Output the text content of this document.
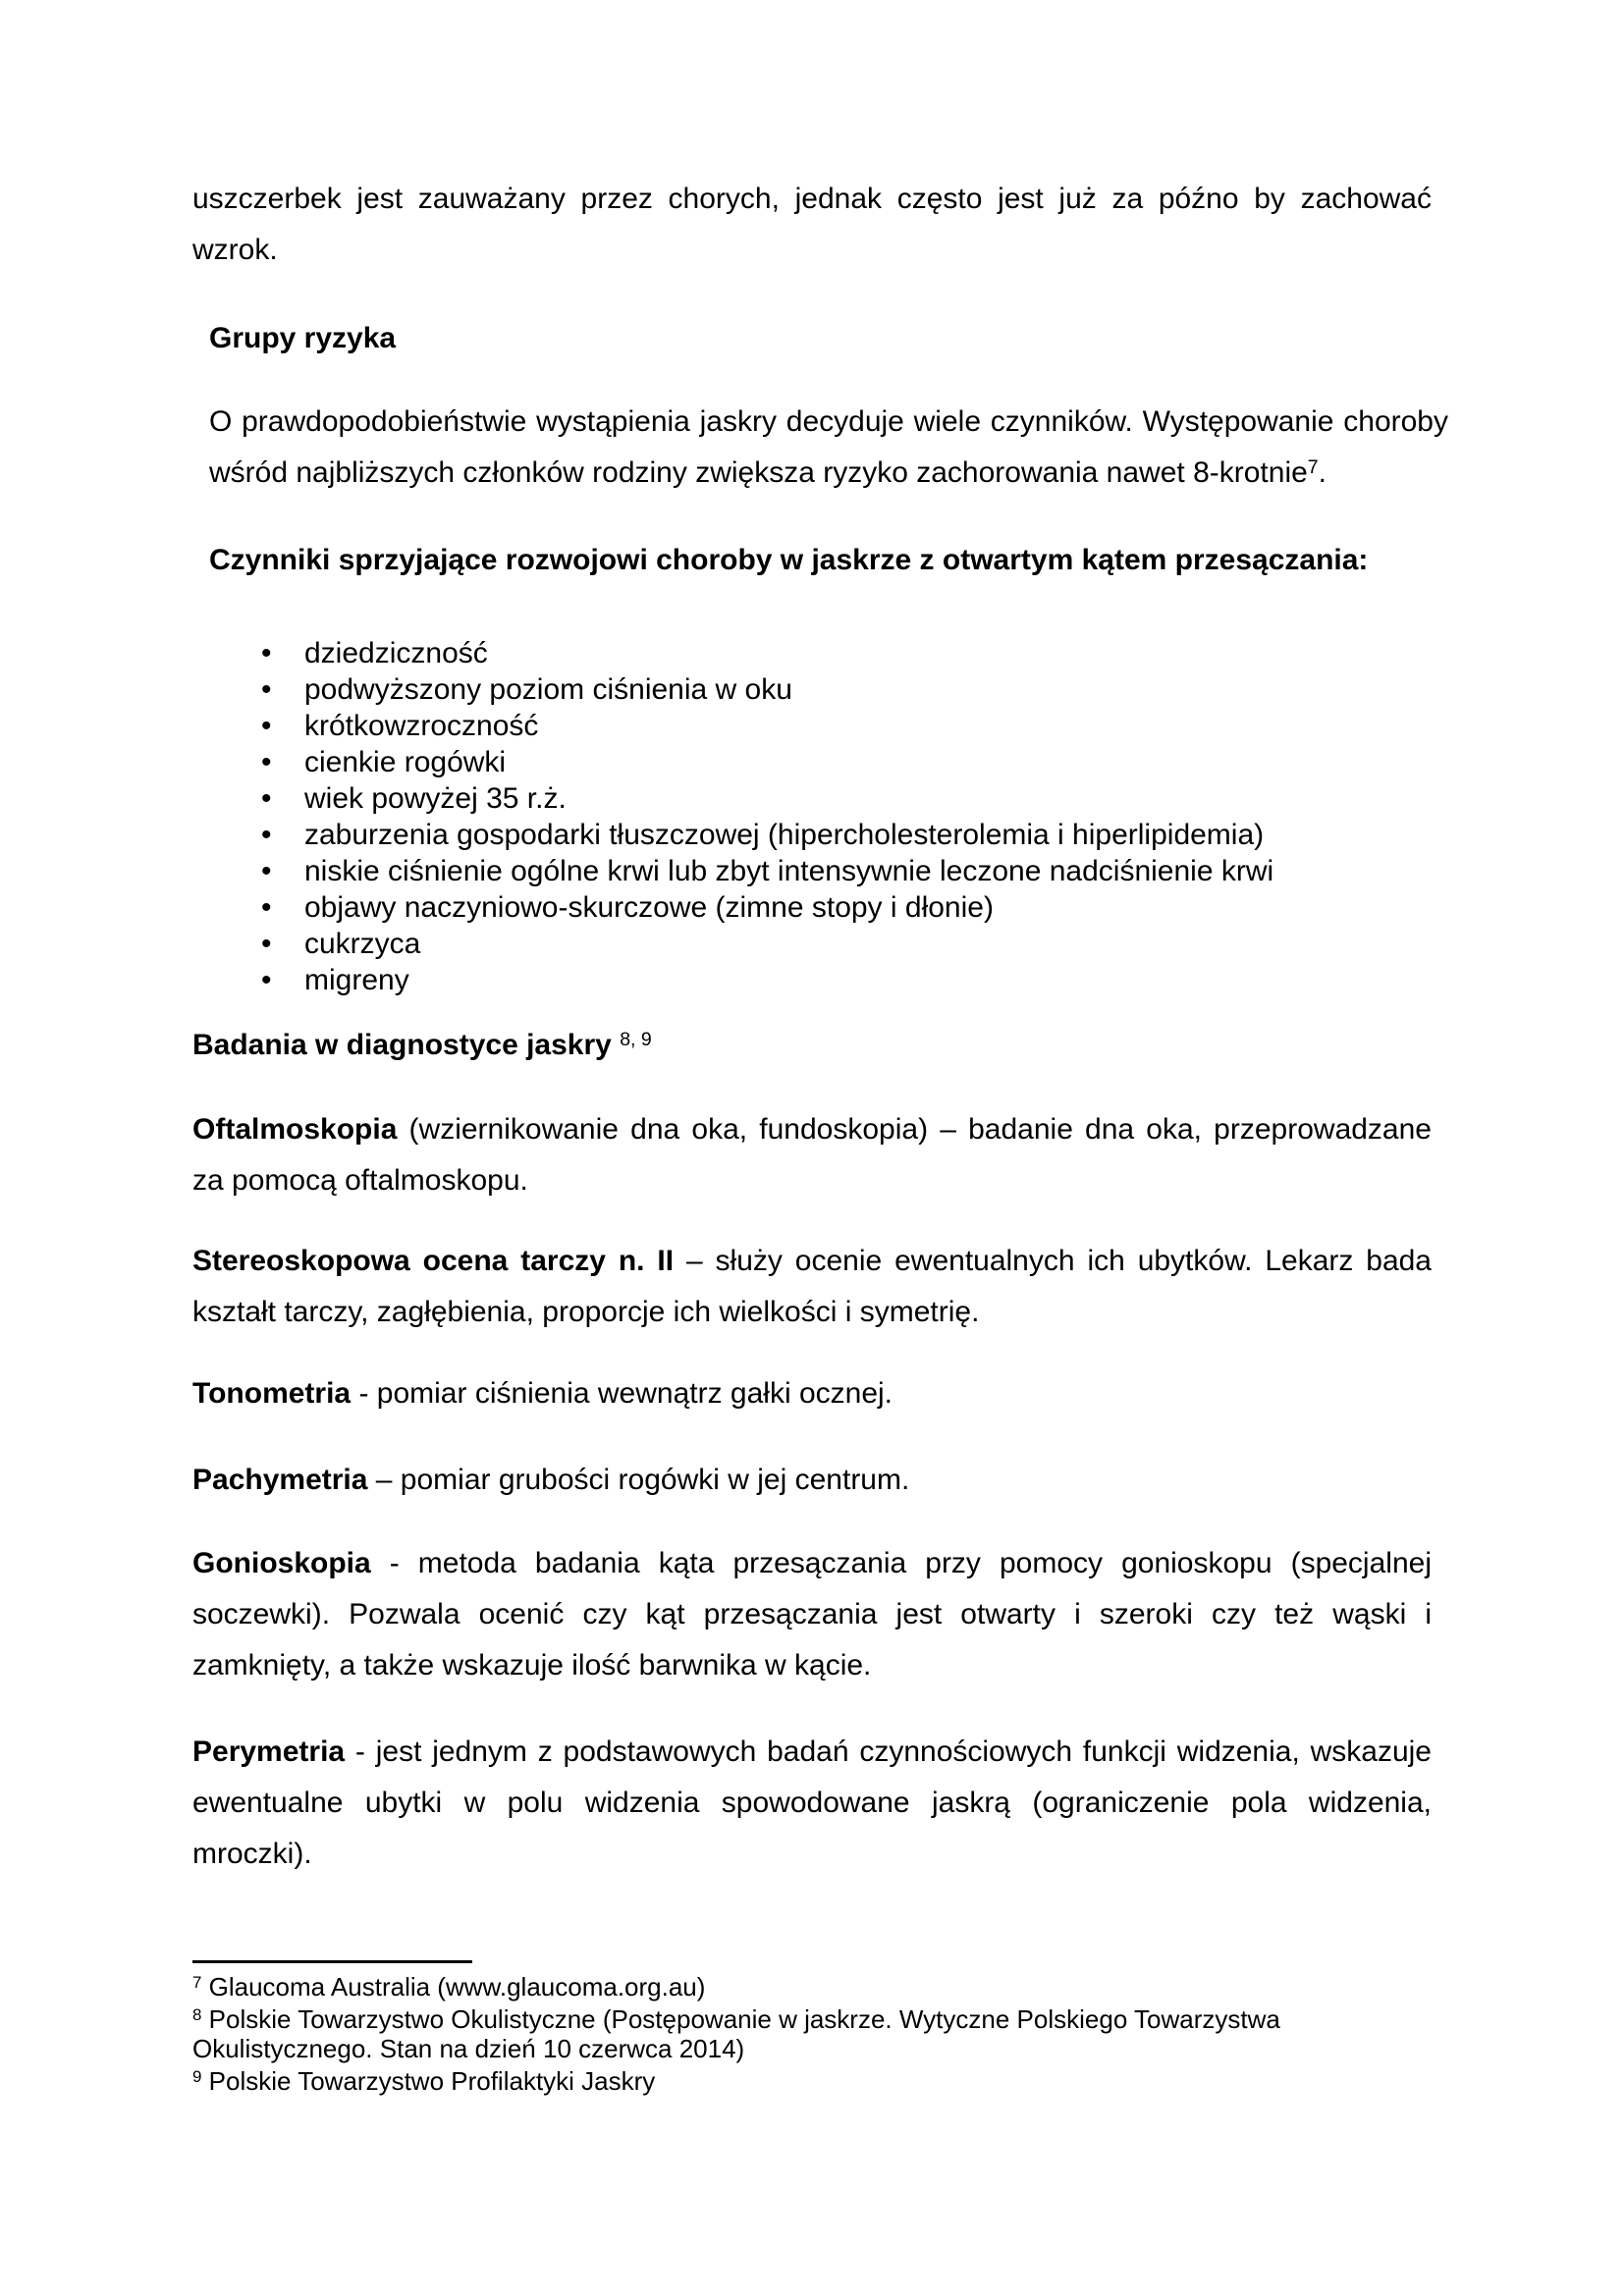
uszczerbek jest zauważany przez chorych, jednak często jest już za późno by zachować wzrok.

Grupy ryzyka

O prawdopodobieństwie wystąpienia jaskry decyduje wiele czynników. Występowanie choroby wśród najbliższych członków rodziny zwiększa ryzyko zachorowania nawet 8-krotnie$^7$.

Czynniki sprzyjające rozwojowi choroby w jaskrze z otwartym kątem przesączania:
• dziedziczność
• podwyższony poziom ciśnienia w oku
• krótkowzroczność
• cienkie rogówki
• wiek powyżej 35 r.ż.
• zaburzenia gospodarki tłuszczowej (hipercholesterolemia i hiperlipidemia)
• niskie ciśnienie ogólne krwi lub zbyt intensywnie leczone nadciśnienie krwi
• objawy naczyniowo-skurczowe (zimne stopy i dłonie)
• cukrzyca
• migreny
Badania w diagnostyce jaskry $^{8, 9}$

Oftalmoskopia (wziernikowanie dna oka, fundoskopia) – badanie dna oka, przeprowadzane za pomocą oftalmoskopu.

Stereoskopowa ocena tarczy n. II – służy ocenie ewentualnych ich ubytków. Lekarz bada kształt tarczy, zagłębienia, proporcje ich wielkości i symetrię.

Tonometria - pomiar ciśnienia wewnątrz gałki ocznej.

Pachymetria – pomiar grubości rogówki w jej centrum.

Gonioskopia - metoda badania kąta przesączania przy pomocy gonioskopu (specjalnej soczewki). Pozwala ocenić czy kąt przesączania jest otwarty i szeroki czy też wąski i zamknięty, a także wskazuje ilość barwnika w kącie.

Perymetria - jest jednym z podstawowych badań czynnościowych funkcji widzenia, wskazuje ewentualne ubytki w polu widzenia spowodowane jaskrą (ograniczenie pola widzenia, mroczki).

$^7$ Glaucoma Australia (www.glaucoma.org.au)

$^8$ Polskie Towarzystwo Okulistyczne (Postępowanie w jaskrze. Wytyczne Polskiego Towarzystwa Okulistycznego. Stan na dzień 10 czerwca 2014)

$^9$ Polskie Towarzystwo Profilaktyki Jaskry
